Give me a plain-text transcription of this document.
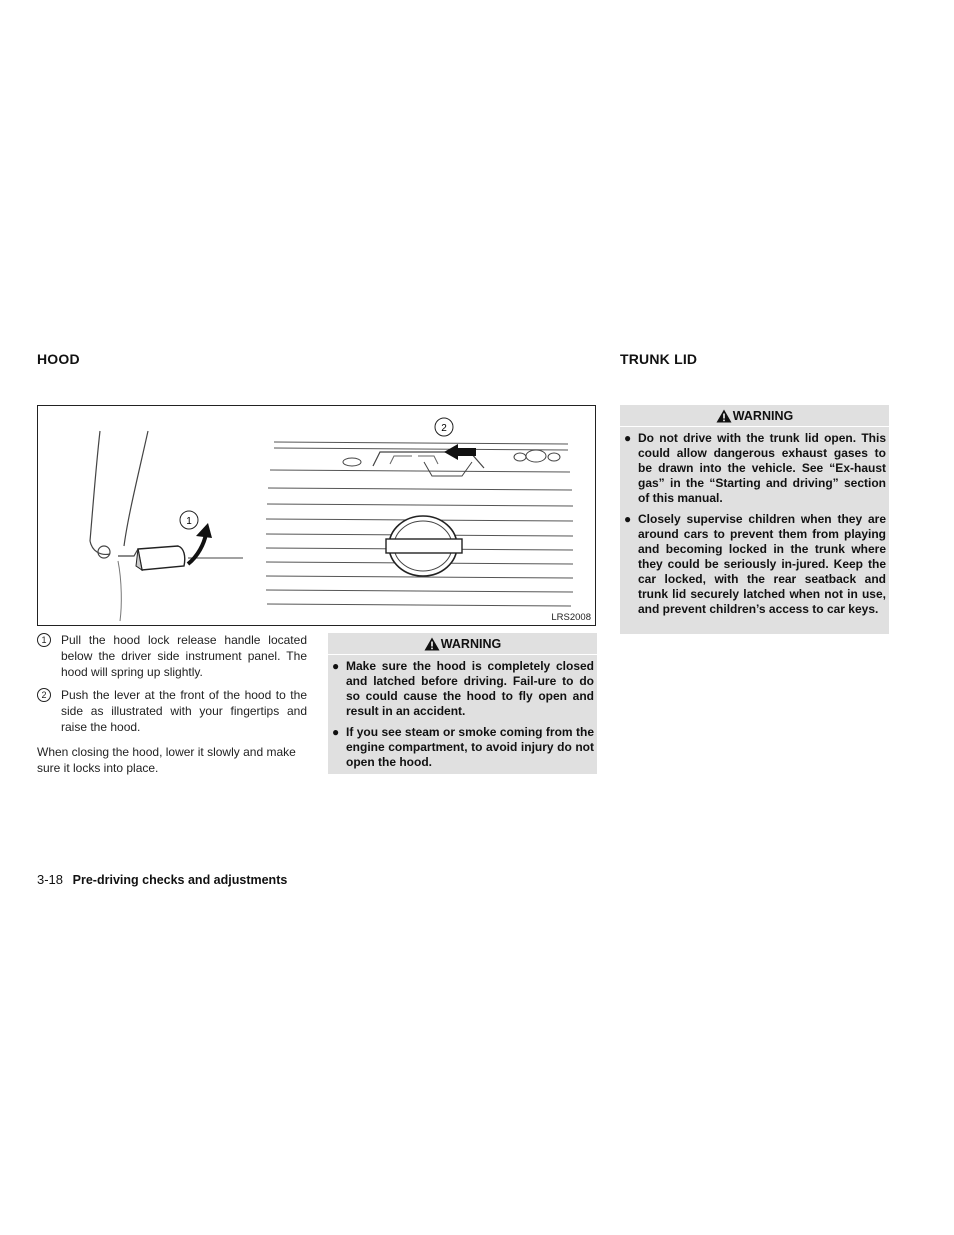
HOOD	TRUNK LID
1
2
LRS2008
1	Pull the hood lock release handle located below the driver side instrument panel. The hood will spring up slightly.
2	Push the lever at the front of the hood to the side as illustrated with your fingertips and raise the hood.
When closing the hood, lower it slowly and make sure it locks into place.
WARNING
● Make sure the hood is completely closed and latched before driving. Fail-ure to do so could cause the hood to fly open and result in an accident.
● If you see steam or smoke coming from the engine compartment, to avoid injury do not open the hood.
WARNING
● Do not drive with the trunk lid open. This could allow dangerous exhaust gases to be drawn into the vehicle. See “Ex-haust gas” in the “Starting and driving” section of this manual.
● Closely supervise children when they are around cars to prevent them from playing and becoming locked in the trunk where they could be seriously in-jured. Keep the car locked, with the rear seatback and trunk lid securely latched when not in use, and prevent children’s access to car keys.
3-18 Pre-driving checks and adjustments
